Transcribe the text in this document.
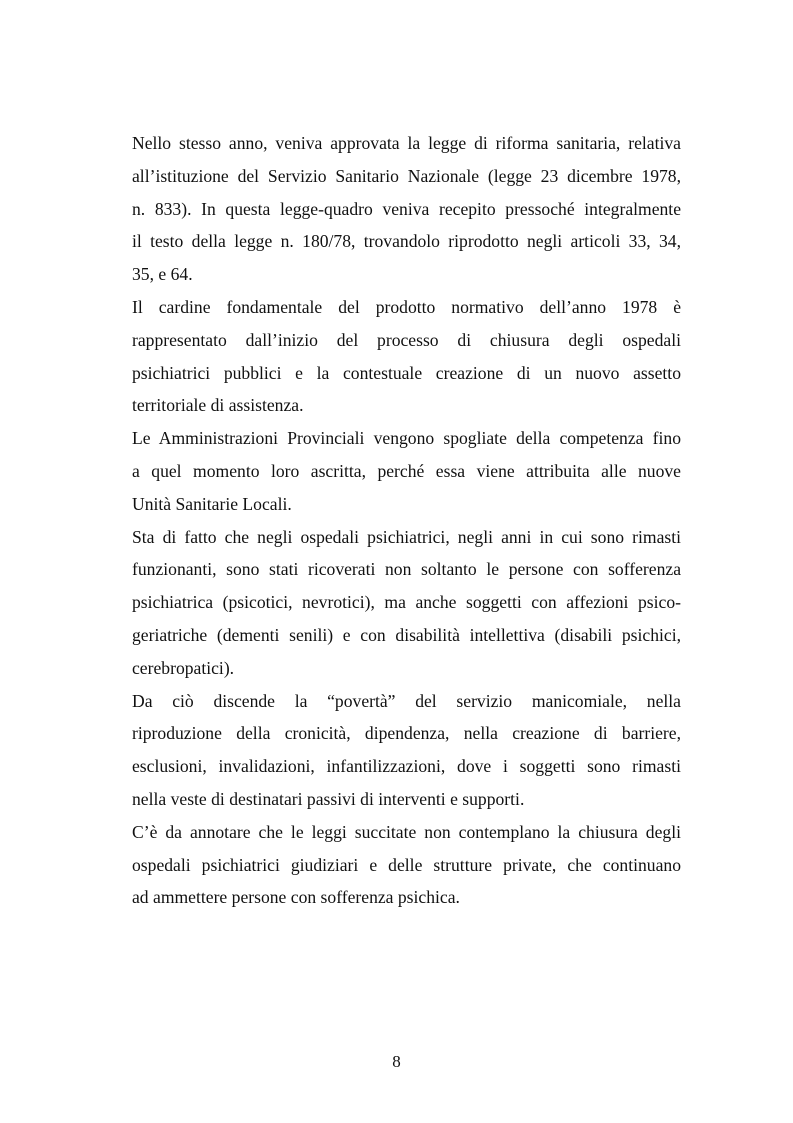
Nello stesso anno, veniva approvata la legge di riforma sanitaria, relativa
all’istituzione del Servizio Sanitario Nazionale (legge 23 dicembre 1978,
n. 833). In questa legge-quadro veniva recepito pressoché integralmente
il testo della legge n. 180/78, trovandolo riprodotto negli articoli 33, 34,
35, e 64.

Il cardine fondamentale del prodotto normativo dell’anno 1978 è
rappresentato dall’inizio del processo di chiusura degli ospedali
psichiatrici pubblici e la contestuale creazione di un nuovo assetto
territoriale di assistenza.

Le Amministrazioni Provinciali vengono spogliate della competenza fino
a quel momento loro ascritta, perché essa viene attribuita alle nuove
Unità Sanitarie Locali.

Sta di fatto che negli ospedali psichiatrici, negli anni in cui sono rimasti
funzionanti, sono stati ricoverati non soltanto le persone con sofferenza
psichiatrica (psicotici, nevrotici), ma anche soggetti con affezioni psico-
geriatriche (dementi senili) e con disabilità intellettiva (disabili psichici,
cerebropatici).

Da ciò discende la “povertà” del servizio manicomiale, nella
riproduzione della cronicità, dipendenza, nella creazione di barriere,
esclusioni, invalidazioni, infantilizzazioni, dove i soggetti sono rimasti
nella veste di destinatari passivi di interventi e supporti.

C’è da annotare che le leggi succitate non contemplano la chiusura degli
ospedali psichiatrici giudiziari e delle strutture private, che continuano
ad ammettere persone con sofferenza psichica.

8
